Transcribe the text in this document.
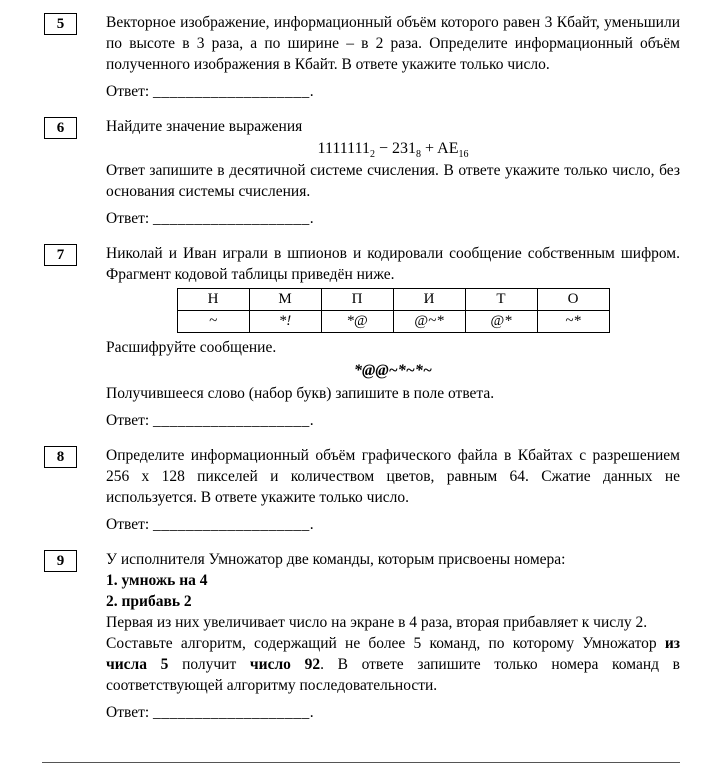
5	Векторное изображение, информационный объём которого равен 3 Кбайт, уменьшили по высоте в 3 раза, а по ширине – в 2 раза. Определите информационный объём полученного изображения в Кбайт. В ответе укажите только число.

Ответ: ___________________.

6	Найдите значение выражения

$1111111_2 - 231_8 + AE_{16}$

Ответ запишите в десятичной системе счисления. В ответе укажите только число, без основания системы счисления.

Ответ: ___________________.

7	Николай и Иван играли в шпионов и кодировали сообщение собственным шифром. Фрагмент кодовой таблицы приведён ниже.

Н	М	П	И	Т	О
~	*!	*@	@~*	@*	~*

Расшифруйте сообщение.

*@@~*~*~

Получившееся слово (набор букв) запишите в поле ответа.

Ответ: ___________________.

8	Определите информационный объём графического файла в Кбайтах с разрешением 256 х 128 пикселей и количеством цветов, равным 64. Сжатие данных не используется. В ответе укажите только число.

Ответ: ___________________.

9	У исполнителя Умножатор две команды, которым присвоены номера:

1. умножь на 4

2. прибавь 2

Первая из них увеличивает число на экране в 4 раза, вторая прибавляет к числу 2.

Составьте алгоритм, содержащий не более 5 команд, по которому Умножатор из числа 5 получит число 92. В ответе запишите только номера команд в соответствующей алгоритму последовательности.

Ответ: ___________________.
